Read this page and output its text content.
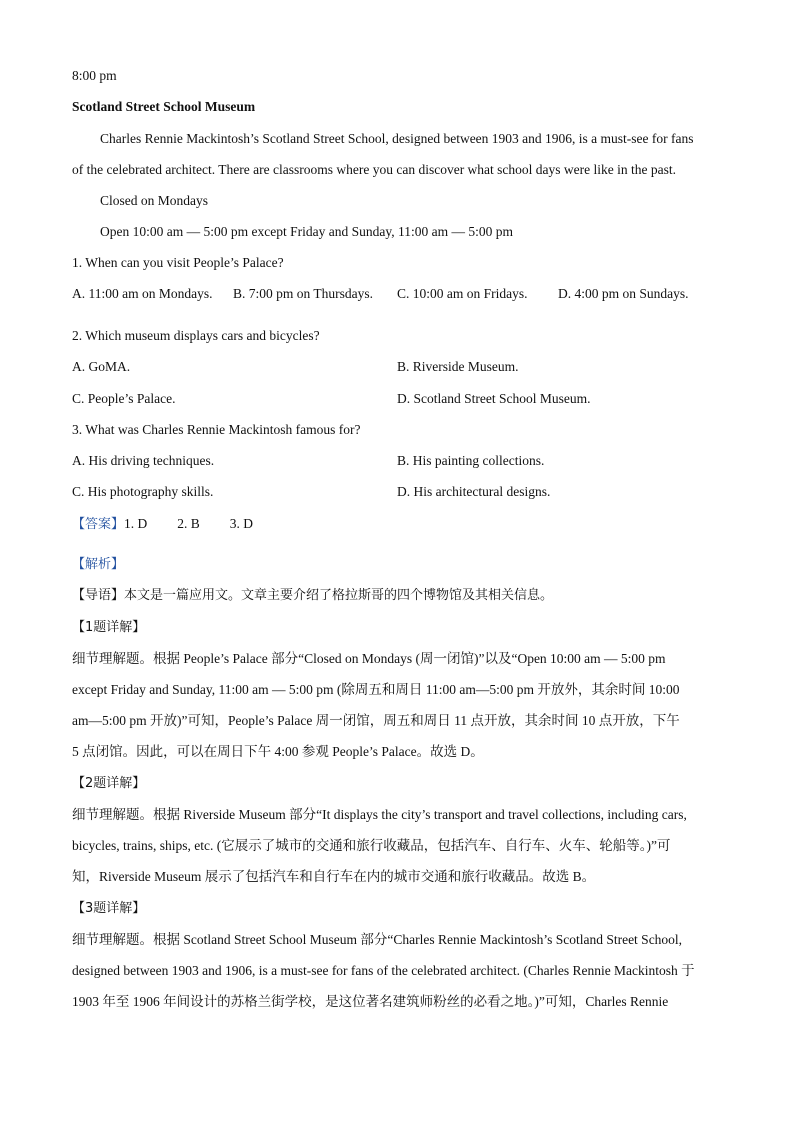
8:00 pm
Scotland Street School Museum
Charles Rennie Mackintosh’s Scotland Street School, designed between 1903 and 1906, is a must-see for fans
of the celebrated architect. There are classrooms where you can discover what school days were like in the past.
Closed on Mondays
Open 10:00 am — 5:00 pm except Friday and Sunday, 11:00 am — 5:00 pm
1. When can you visit People’s Palace?
A. 11:00 am on Mondays. B. 7:00 pm on Thursdays. C. 10:00 am on Fridays. D. 4:00 pm on Sundays.
2. Which museum displays cars and bicycles?
A. GoMA.	B. Riverside Museum.
C. People’s Palace.	D. Scotland Street School Museum.
3. What was Charles Rennie Mackintosh famous for?
A. His driving techniques.	B. His painting collections.
C. His photography skills.	D. His architectural designs.
【答案】1. D 2. B 3. D
【解析】
【导语】本文是一篇应用文。文章主要介绍了格拉斯哥的四个博物馆及其相关信息。
【1题详解】
细节理解题。根据 People’s Palace 部分“Closed on Mondays (周一闭馆)”以及“Open 10:00 am — 5:00 pm
except Friday and Sunday, 11:00 am — 5:00 pm (除周五和周日 11:00 am—5:00 pm 开放外，其余时间 10:00
am—5:00 pm 开放)”可知，People’s Palace 周一闭馆，周五和周日 11 点开放，其余时间 10 点开放，下午
5 点闭馆。因此，可以在周日下午 4:00 参观 People’s Palace。故选 D。
【2题详解】
细节理解题。根据 Riverside Museum 部分“It displays the city’s transport and travel collections, including cars,
bicycles, trains, ships, etc. (它展示了城市的交通和旅行收藏品，包括汽车、自行车、火车、轮船等。)”可
知，Riverside Museum 展示了包括汽车和自行车在内的城市交通和旅行收藏品。故选 B。
【3题详解】
细节理解题。根据 Scotland Street School Museum 部分“Charles Rennie Mackintosh’s Scotland Street School,
designed between 1903 and 1906, is a must-see for fans of the celebrated architect. (Charles Rennie Mackintosh 于
1903 年至 1906 年间设计的苏格兰街学校，是这位著名建筑师粉丝的必看之地。)”可知，Charles Rennie
